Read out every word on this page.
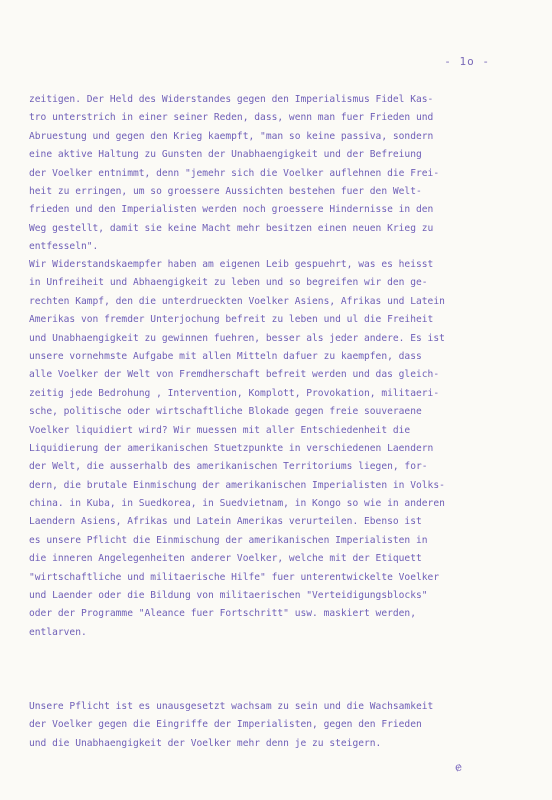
- 1o -
zeitigen. Der Held des Widerstandes gegen den Imperialismus Fidel Kas-
tro unterstrich in einer seiner Reden, dass, wenn man fuer Frieden und
Abruestung und gegen den Krieg kaempft, "man so keine passiva, sondern
eine aktive Haltung zu Gunsten der Unabhaengigkeit und der Befreiung
der Voelker entnimmt, denn "jemehr sich die Voelker auflehnen die Frei-
heit zu erringen, um so groessere Aussichten bestehen fuer den Welt-
frieden und den Imperialisten werden noch groessere Hindernisse in den
Weg gestellt, damit sie keine Macht mehr besitzen einen neuen Krieg zu
entfesseln".
Wir Widerstandskaempfer haben am eigenen Leib gespuehrt, was es heisst
in Unfreiheit und Abhaengigkeit zu leben und so begreifen wir den ge-
rechten Kampf, den die unterdrueckten Voelker Asiens, Afrikas und Latein
Amerikas von fremder Unterjochung befreit zu leben und ul die Freiheit
und Unabhaengigkeit zu gewinnen fuehren, besser als jeder andere. Es ist
unsere vornehmste Aufgabe mit allen Mitteln dafuer zu kaempfen, dass
alle Voelker der Welt von Fremdherschaft befreit werden und das gleich-
zeitig jede Bedrohung , Intervention, Komplott, Provokation, militaeri-
sche, politische oder wirtschaftliche Blokade gegen freie souveraene
Voelker liquidiert wird? Wir muessen mit aller Entschiedenheit die
Liquidierung der amerikanischen Stuetzpunkte in verschiedenen Laendern
der Welt, die ausserhalb des amerikanischen Territoriums liegen, for-
dern, die brutale Einmischung der amerikanischen Imperialisten in Volks-
china. in Kuba, in Suedkorea, in Suedvietnam, in Kongo so wie in anderen
Laendern Asiens, Afrikas und Latein Amerikas verurteilen. Ebenso ist
es unsere Pflicht die Einmischung der amerikanischen Imperialisten in
die inneren Angelegenheiten anderer Voelker, welche mit der Etiquett
"wirtschaftliche und militaerische Hilfe" fuer unterentwickelte Voelker
und Laender oder die Bildung von militaerischen "Verteidigungsblocks"
oder der Programme "Aleance fuer Fortschritt" usw. maskiert werden,
entlarven.
Unsere Pflicht ist es unausgesetzt wachsam zu sein und die Wachsamkeit
der Voelker gegen die Eingriffe der Imperialisten, gegen den Frieden
und die Unabhaengigkeit der Voelker mehr denn je zu steigern.
ɇ
